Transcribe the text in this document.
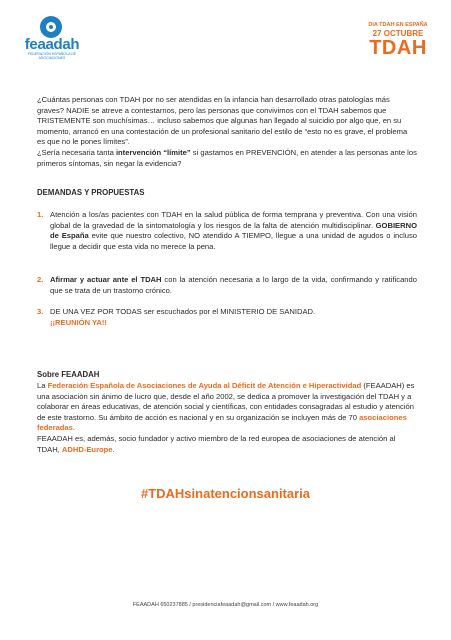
feaadah
FEDERACIÓN ESPAÑOLA DE ASOCIACIONES
DIA TDAH EN ESPAÑA
27 OCTUBRE
TDAH

¿Cuántas personas con TDAH por no ser atendidas en la infancia han desarrollado otras patologías más graves? NADIE se atreve a contestarnos, pero las personas que convivimos con el TDAH sabemos que TRISTEMENTE son muchísimas… incluso sabemos que algunas han llegado al suicidio por algo que, en su momento, arrancó en una contestación de un profesional sanitario del estilo de “esto no es grave, el problema es que no le pones límites”.

¿Sería necesaria tanta intervención “límite” si gastamos en PREVENCIÓN, en atender a las personas ante los primeros síntomas, sin negar la evidencia?

DEMANDAS Y PROPUESTAS
1. Atención a los/as pacientes con TDAH en la salud pública de forma temprana y preventiva. Con una visión global de la gravedad de la sintomatología y los riesgos de la falta de atención multidisciplinar. GOBIERNO de España evite que nuestro colectivo, NO atendido A TIEMPO, llegue a una unidad de agudos o incluso llegue a decidir que esta vida no merece la pena.
2. Afirmar y actuar ante el TDAH con la atención necesaria a lo largo de la vida, confirmando y ratificando que se trata de un trastorno crónico.
3. DE UNA VEZ POR TODAS ser escuchados por el MINISTERIO DE SANIDAD.
¡¡REUNIÓN YA!!
Sobre FEAADAH

La Federación Española de Asociaciones de Ayuda al Déficit de Atención e Hiperactividad (FEAADAH) es una asociación sin ánimo de lucro que, desde el año 2002, se dedica a promover la investigación del TDAH y a colaborar en áreas educativas, de atención social y científicas, con entidades consagradas al estudio y atención de este trastorno. Su ámbito de acción es nacional y en su organización se incluyen más de 70 asociaciones federadas.
FEAADAH es, además, socio fundador y activo miembro de la red europea de asociaciones de atención al TDAH, ADHD-Europe.

#TDAHsinatencionsanitaria
FEAADAH 650237885 / presidenciafeaadah@gmail.com / www.feaadah.org
